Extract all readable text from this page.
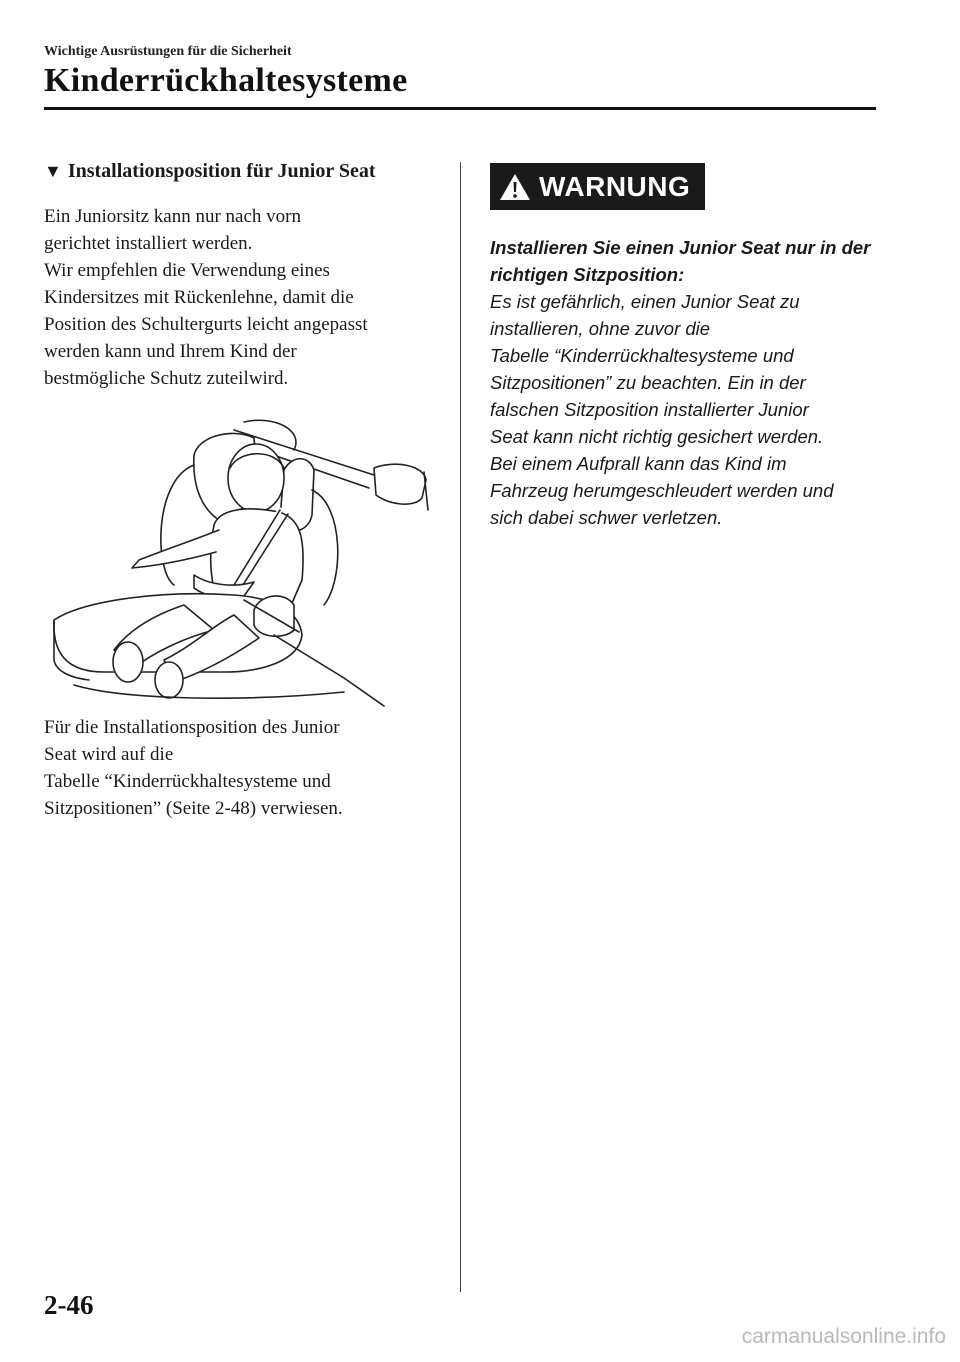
Wichtige Ausrüstungen für die Sicherheit
Kinderrückhaltesysteme
▼ Installationsposition für Junior Seat

Ein Juniorsitz kann nur nach vorn
gerichtet installiert werden.
Wir empfehlen die Verwendung eines
Kindersitzes mit Rückenlehne, damit die
Position des Schultergurts leicht angepasst
werden kann und Ihrem Kind der
bestmögliche Schutz zuteilwird.

Für die Installationsposition des Junior
Seat wird auf die
Tabelle “Kinderrückhaltesysteme und
Sitzpositionen” (Seite 2-48) verwiesen.

WARNUNG

Installieren Sie einen Junior Seat nur in der
richtigen Sitzposition:

Es ist gefährlich, einen Junior Seat zu
installieren, ohne zuvor die
Tabelle “Kinderrückhaltesysteme und
Sitzpositionen” zu beachten. Ein in der
falschen Sitzposition installierter Junior
Seat kann nicht richtig gesichert werden.
Bei einem Aufprall kann das Kind im
Fahrzeug herumgeschleudert werden und
sich dabei schwer verletzen.

2-46
carmanualsonline.info
